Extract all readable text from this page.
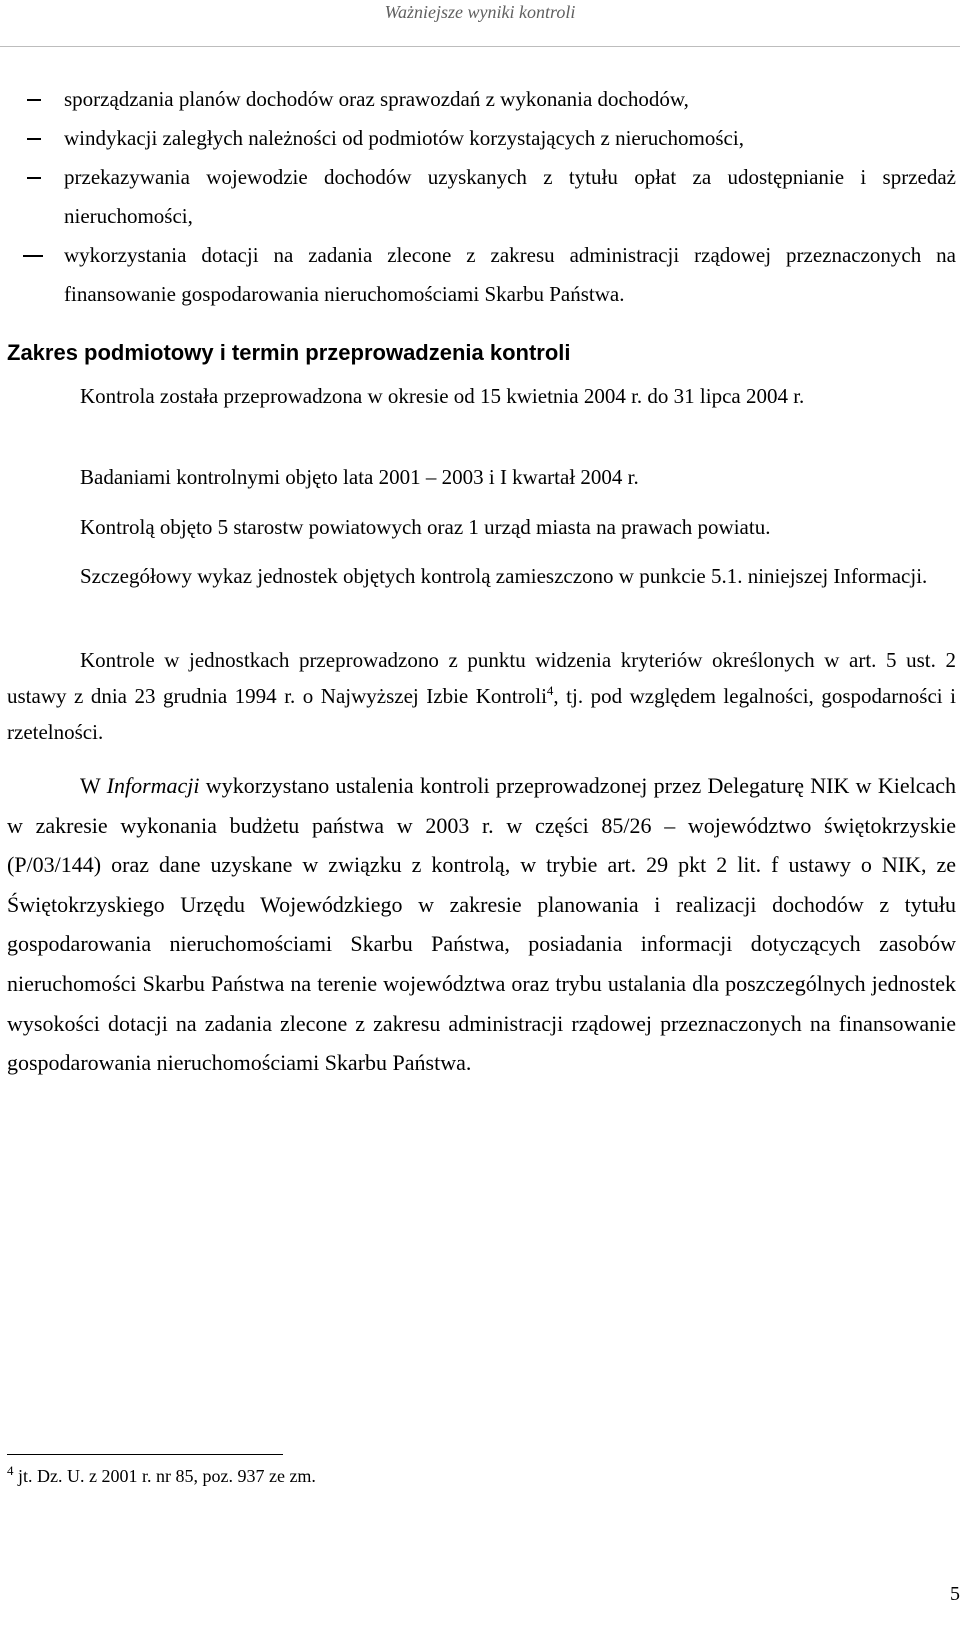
Ważniejsze wyniki kontroli
sporządzania planów dochodów oraz sprawozdań z wykonania dochodów,
windykacji zaległych należności od podmiotów korzystających z nieruchomości,
przekazywania wojewodzie dochodów uzyskanych z tytułu opłat za udostępnianie i sprzedaż nieruchomości,
wykorzystania dotacji na zadania zlecone z zakresu administracji rządowej przeznaczonych na finansowanie gospodarowania nieruchomościami Skarbu Państwa.
Zakres podmiotowy i termin przeprowadzenia kontroli

Kontrola została przeprowadzona w okresie od 15 kwietnia 2004 r. do 31 lipca 2004 r.

Badaniami kontrolnymi objęto lata 2001 – 2003 i I kwartał 2004 r.

Kontrolą objęto 5 starostw powiatowych oraz 1 urząd miasta na prawach powiatu.

Szczegółowy wykaz jednostek objętych kontrolą zamieszczono w punkcie 5.1. niniejszej Informacji.

Kontrole w jednostkach przeprowadzono z punktu widzenia kryteriów określonych w art. 5 ust. 2 ustawy z dnia 23 grudnia 1994 r. o Najwyższej Izbie Kontroli$^4$, tj. pod względem legalności, gospodarności i rzetelności.

W Informacji wykorzystano ustalenia kontroli przeprowadzonej przez Delegaturę NIK w Kielcach w zakresie wykonania budżetu państwa w 2003 r. w części 85/26 – województwo świętokrzyskie (P/03/144) oraz dane uzyskane w związku z kontrolą, w trybie art. 29 pkt 2 lit. f ustawy o NIK, ze Świętokrzyskiego Urzędu Wojewódzkiego w zakresie planowania i realizacji dochodów z tytułu gospodarowania nieruchomościami Skarbu Państwa, posiadania informacji dotyczących zasobów nieruchomości Skarbu Państwa na terenie województwa oraz trybu ustalania dla poszczególnych jednostek wysokości dotacji na zadania zlecone z zakresu administracji rządowej przeznaczonych na finansowanie gospodarowania nieruchomościami Skarbu Państwa.

$^4$ jt. Dz. U. z 2001 r. nr 85, poz. 937 ze zm.
5
